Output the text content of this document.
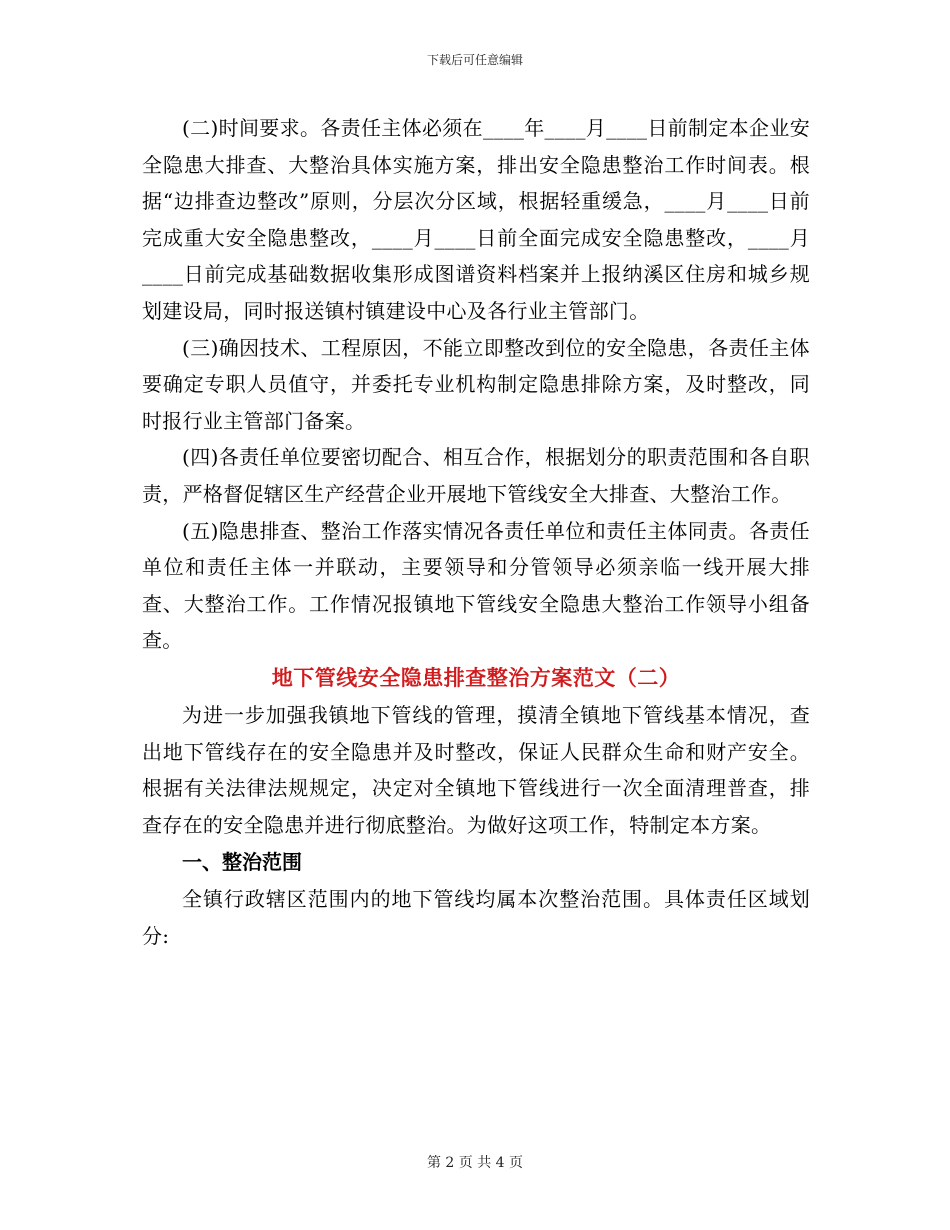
下载后可任意编辑

(二)时间要求。各责任主体必须在____年____月____日前制定本企业安全隐患大排查、大整治具体实施方案，排出安全隐患整治工作时间表。根据“边排查边整改”原则，分层次分区域，根据轻重缓急，____月____日前完成重大安全隐患整改，____月____日前全面完成安全隐患整改，____月____日前完成基础数据收集形成图谱资料档案并上报纳溪区住房和城乡规划建设局，同时报送镇村镇建设中心及各行业主管部门。

(三)确因技术、工程原因，不能立即整改到位的安全隐患，各责任主体要确定专职人员值守，并委托专业机构制定隐患排除方案，及时整改，同时报行业主管部门备案。

(四)各责任单位要密切配合、相互合作，根据划分的职责范围和各自职责，严格督促辖区生产经营企业开展地下管线安全大排查、大整治工作。

(五)隐患排查、整治工作落实情况各责任单位和责任主体同责。各责任单位和责任主体一并联动，主要领导和分管领导必须亲临一线开展大排查、大整治工作。工作情况报镇地下管线安全隐患大整治工作领导小组备查。

地下管线安全隐患排查整治方案范文（二）

为进一步加强我镇地下管线的管理，摸清全镇地下管线基本情况，查出地下管线存在的安全隐患并及时整改，保证人民群众生命和财产安全。根据有关法律法规规定，决定对全镇地下管线进行一次全面清理普查，排查存在的安全隐患并进行彻底整治。为做好这项工作，特制定本方案。

一、整治范围

全镇行政辖区范围内的地下管线均属本次整治范围。具体责任区域划分:

第 2 页 共 4 页
